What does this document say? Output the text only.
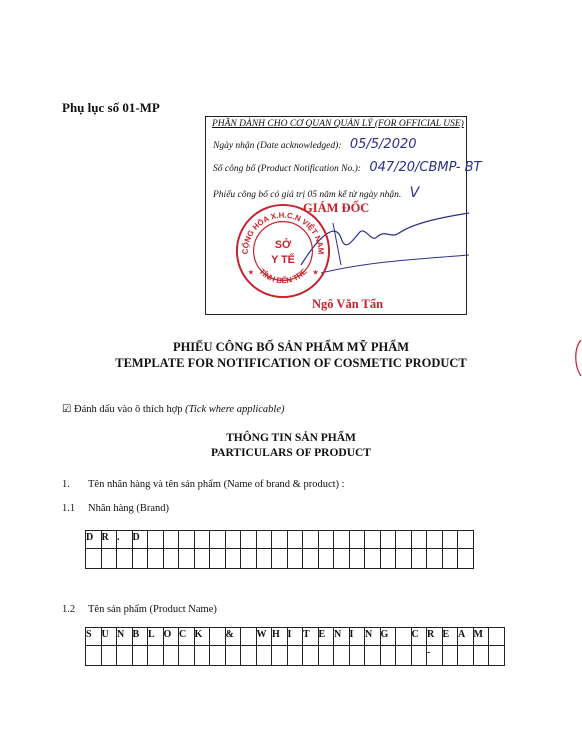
Phụ lục số 01-MP
PHẦN DÀNH CHO CƠ QUAN QUẢN LÝ (FOR OFFICIAL USE)
Ngày nhận (Date acknowledged): 05/5/2020
Số công bố (Product Notification No.): 047/20/CBMP- BT
Phiếu công bố có giá trị 05 năm kể từ ngày nhận. V
GIÁM ĐỐC
CỘNG HÒA X.H.C.N VIỆT NAM
TỈNH BẾN TRE
SỞ
Y TẾ
★	★
Ngô Văn Tấn
PHIẾU CÔNG BỐ SẢN PHẨM MỸ PHẨM
TEMPLATE FOR NOTIFICATION OF COSMETIC PRODUCT
☑ Đánh dấu vào ô thích hợp (Tick where applicable)
THÔNG TIN SẢN PHẨM
PARTICULARS OF PRODUCT
1. Tên nhãn hàng và tên sản phẩm (Name of brand & product) :
1.1 Nhãn hàng (Brand)
D	R	.	D																					

1.2 Tên sản phẩm (Product Name)
S	U	N	B	L	O	C	K		&		W	H	I	T	E	N	I	N	G		C	R	E	A	M	
																						-				
